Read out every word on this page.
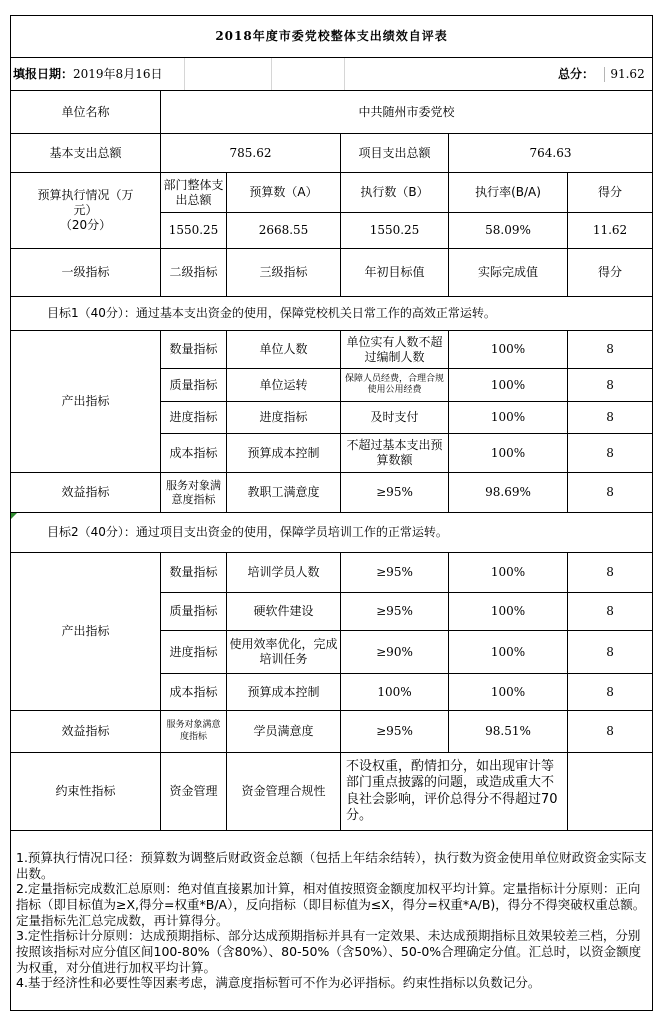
2018年度市委党校整体支出绩效自评表					

填报日期：2019年8月16日 总分： 91.62					

单位名称	中共随州市委党校				
基本支出总额	785.62		项目支出总额	764.63	

预算执行情况（万
元）
（20分）	部门整体支出总额	预算数（A）	执行数（B）	执行率(B/A)	得分
	1550.25	2668.55	1550.25	58.09%	11.62
一级指标	二级指标	三级指标	年初目标值	实际完成值	得分
目标1（40分）：通过基本支出资金的使用，保障党校机关日常工作的高效正常运转。					
产出指标	数量指标	单位人数	单位实有人数不超过编制人数	100%	8
	质量指标	单位运转	保障人员经费，合理合规使用公用经费	100%	8
	进度指标	进度指标	及时支付	100%	8
	成本指标	预算成本控制	不超过基本支出预算数额	100%	8
效益指标	服务对象满意度指标	教职工满意度	≥95%	98.69%	8

目标2（40分）：通过项目支出资金的使用，保障学员培训工作的正常运转。					
产出指标	数量指标	培训学员人数	≥95%	100%	8
	质量指标	硬软件建设	≥95%	100%	8
	进度指标	使用效率优化，完成培训任务	≥90%	100%	8
	成本指标	预算成本控制	100%	100%	8
效益指标	服务对象满意度指标	学员满意度	≥95%	98.51%	8
约束性指标	资金管理	资金管理合规性	不设权重，酌情扣分，如出现审计等部门重点披露的问题，或造成重大不良社会影响，评价总得分不得超过70分。		

1.预算执行情况口径：预算数为调整后财政资金总额（包括上年结余结转），执行数为资金使用单位财政资金实际支出数。
2.定量指标完成数汇总原则：绝对值直接累加计算，相对值按照资金额度加权平均计算。定量指标计分原则：正向指标（即目标值为≥X,得分=权重*B/A），反向指标（即目标值为≤X，得分=权重*A/B)，得分不得突破权重总额。定量指标先汇总完成数，再计算得分。
3.定性指标计分原则：达成预期指标、部分达成预期指标并具有一定效果、未达成预期指标且效果较差三档，分别按照该指标对应分值区间100-80%（含80%）、80-50%（含50%）、50-0%合理确定分值。汇总时，以资金额度为权重，对分值进行加权平均计算。
4.基于经济性和必要性等因素考虑，满意度指标暂可不作为必评指标。约束性指标以负数记分。					
